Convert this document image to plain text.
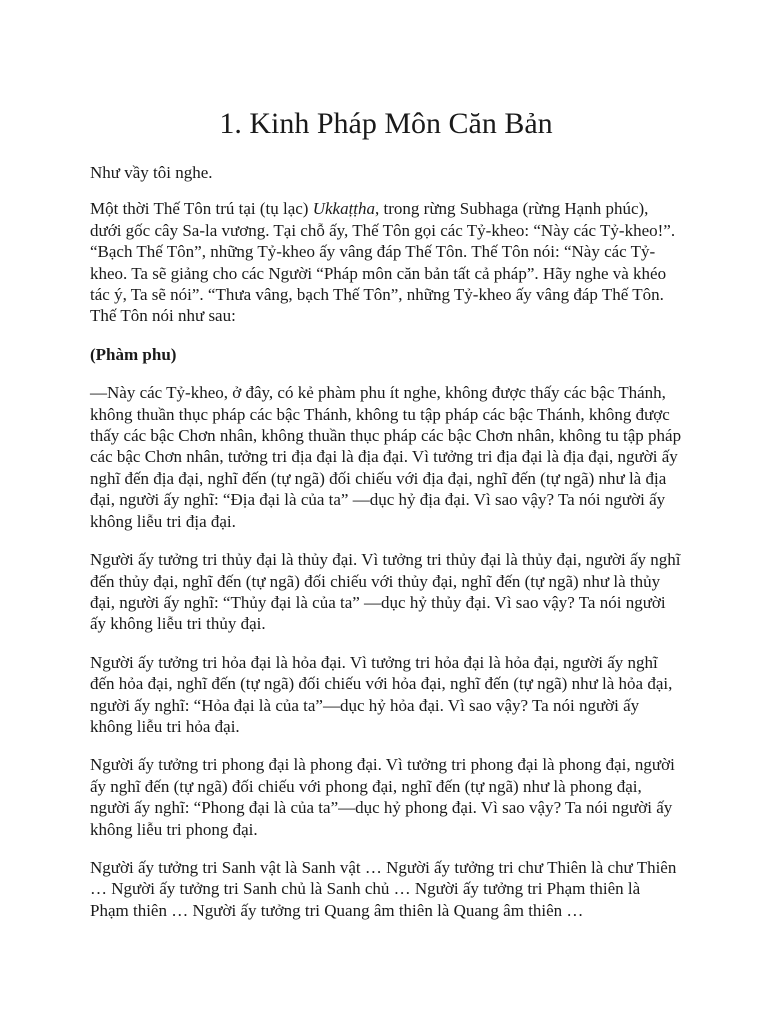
1. Kinh Pháp Môn Căn Bản

Như vầy tôi nghe.

Một thời Thế Tôn trú tại (tụ lạc) Ukkaṭṭha, trong rừng Subhaga (rừng Hạnh phúc), dưới gốc cây Sa-la vương. Tại chỗ ấy, Thế Tôn gọi các Tỷ-kheo: “Này các Tỷ-kheo!”. “Bạch Thế Tôn”, những Tỷ-kheo ấy vâng đáp Thế Tôn. Thế Tôn nói: “Này các Tỷ-kheo. Ta sẽ giảng cho các Người “Pháp môn căn bản tất cả pháp”. Hãy nghe và khéo tác ý, Ta sẽ nói”. “Thưa vâng, bạch Thế Tôn”, những Tỷ-kheo ấy vâng đáp Thế Tôn. Thế Tôn nói như sau:

(Phàm phu)

—Này các Tỷ-kheo, ở đây, có kẻ phàm phu ít nghe, không được thấy các bậc Thánh, không thuần thục pháp các bậc Thánh, không tu tập pháp các bậc Thánh, không được thấy các bậc Chơn nhân, không thuần thục pháp các bậc Chơn nhân, không tu tập pháp các bậc Chơn nhân, tưởng tri địa đại là địa đại. Vì tưởng tri địa đại là địa đại, người ấy nghĩ đến địa đại, nghĩ đến (tự ngã) đối chiếu với địa đại, nghĩ đến (tự ngã) như là địa đại, người ấy nghĩ: “Địa đại là của ta” —dục hỷ địa đại. Vì sao vậy? Ta nói người ấy không liễu tri địa đại.

Người ấy tưởng tri thủy đại là thủy đại. Vì tưởng tri thủy đại là thủy đại, người ấy nghĩ đến thủy đại, nghĩ đến (tự ngã) đối chiếu với thủy đại, nghĩ đến (tự ngã) như là thủy đại, người ấy nghĩ: “Thủy đại là của ta” —dục hỷ thủy đại. Vì sao vậy? Ta nói người ấy không liễu tri thủy đại.

Người ấy tưởng tri hỏa đại là hỏa đại. Vì tưởng tri hỏa đại là hỏa đại, người ấy nghĩ đến hỏa đại, nghĩ đến (tự ngã) đối chiếu với hỏa đại, nghĩ đến (tự ngã) như là hỏa đại, người ấy nghĩ: “Hỏa đại là của ta”—dục hỷ hỏa đại. Vì sao vậy? Ta nói người ấy không liễu tri hỏa đại.

Người ấy tưởng tri phong đại là phong đại. Vì tưởng tri phong đại là phong đại, người ấy nghĩ đến (tự ngã) đối chiếu với phong đại, nghĩ đến (tự ngã) như là phong đại, người ấy nghĩ: “Phong đại là của ta”—dục hỷ phong đại. Vì sao vậy? Ta nói người ấy không liễu tri phong đại.

Người ấy tưởng tri Sanh vật là Sanh vật … Người ấy tưởng tri chư Thiên là chư Thiên … Người ấy tưởng tri Sanh chủ là Sanh chủ … Người ấy tưởng tri Phạm thiên là Phạm thiên … Người ấy tưởng tri Quang âm thiên là Quang âm thiên …
